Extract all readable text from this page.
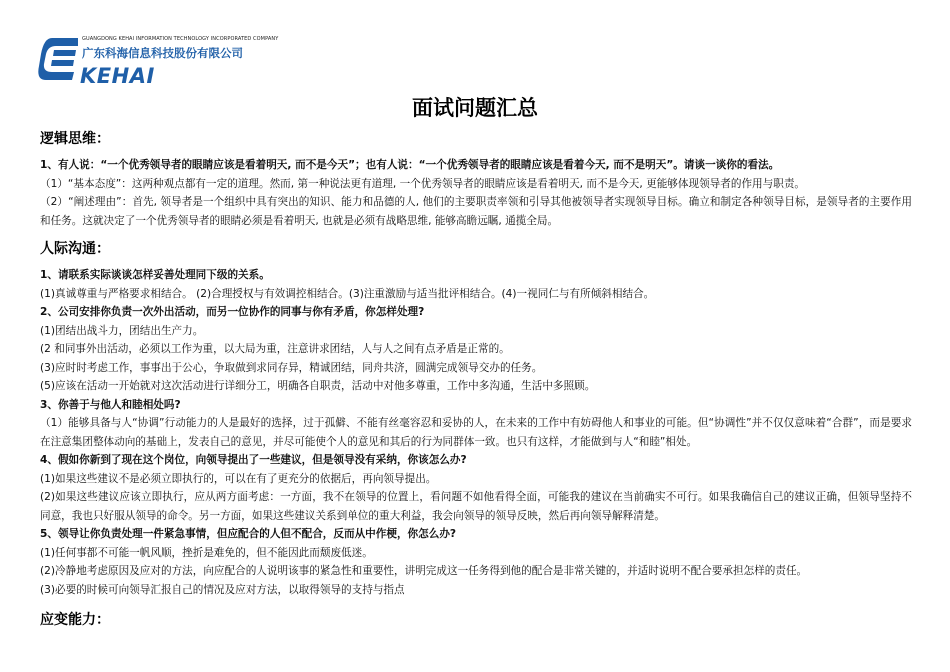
GUANGDONG KEHAI INFORMATION TECHNOLOGY INCORPORATED COMPANY
广东科海信息科技股份有限公司
KEHAI
面试问题汇总
逻辑思维：
1、有人说：“一个优秀领导者的眼睛应该是看着明天, 而不是今天”；也有人说：“一个优秀领导者的眼睛应该是看着今天, 而不是明天”。请谈一谈你的看法。
（1）“基本态度”：这两种观点都有一定的道理。然而, 第一种说法更有道理, 一个优秀领导者的眼睛应该是看着明天, 而不是今天, 更能够体现领导者的作用与职责。
（2）“阐述理由”：首先, 领导者是一个组织中具有突出的知识、能力和品德的人, 他们的主要职责率领和引导其他被领导者实现领导目标。确立和制定各种领导目标，是领导者的主要作用和任务。这就决定了一个优秀领导者的眼睛必须是看着明天, 也就是必须有战略思维, 能够高瞻远瞩, 通揽全局。
人际沟通：
1、请联系实际谈谈怎样妥善处理同下级的关系。
(1)真诚尊重与严格要求相结合。 (2)合理授权与有效调控相结合。(3)注重激励与适当批评相结合。(4)一视同仁与有所倾斜相结合。
2、公司安排你负责一次外出活动，而另一位协作的同事与你有矛盾，你怎样处理?
(1)团结出战斗力，团结出生产力。
(2 和同事外出活动，必须以工作为重，以大局为重，注意讲求团结，人与人之间有点矛盾是正常的。
(3)应时时考虑工作，事事出于公心，争取做到求同存异，精诚团结，同舟共济，圆满完成领导交办的任务。
(5)应该在活动一开始就对这次活动进行详细分工，明确各自职责，活动中对他多尊重，工作中多沟通，生活中多照顾。
3、你善于与他人和睦相处吗?
（1）能够具备与人“协调”行动能力的人是最好的选择，过于孤僻、不能有丝毫容忍和妥协的人，在未来的工作中有妨碍他人和事业的可能。但“协调性”并不仅仅意味着“合群”，而是要求在注意集团整体动向的基础上，发表自己的意见，并尽可能使个人的意见和其后的行为同群体一致。也只有这样，才能做到与人“和睦”相处。
4、假如你新到了现在这个岗位，向领导提出了一些建议，但是领导没有采纳，你该怎么办?
(1)如果这些建议不是必须立即执行的，可以在有了更充分的依据后，再向领导提出。
(2)如果这些建议应该立即执行，应从两方面考虑：一方面，我不在领导的位置上，看问题不如他看得全面，可能我的建议在当前确实不可行。如果我确信自己的建议正确，但领导坚持不同意，我也只好服从领导的命令。另一方面，如果这些建议关系到单位的重大利益，我会向领导的领导反映，然后再向领导解释清楚。
5、领导让你负责处理一件紧急事情，但应配合的人但不配合，反而从中作梗，你怎么办?
(1)任何事都不可能一帆风顺，挫折是难免的，但不能因此而颓废低迷。
(2)冷静地考虑原因及应对的方法，向应配合的人说明该事的紧急性和重要性，讲明完成这一任务得到他的配合是非常关键的，并适时说明不配合要承担怎样的责任。
(3)必要的时候可向领导汇报自己的情况及应对方法，以取得领导的支持与指点
应变能力：
